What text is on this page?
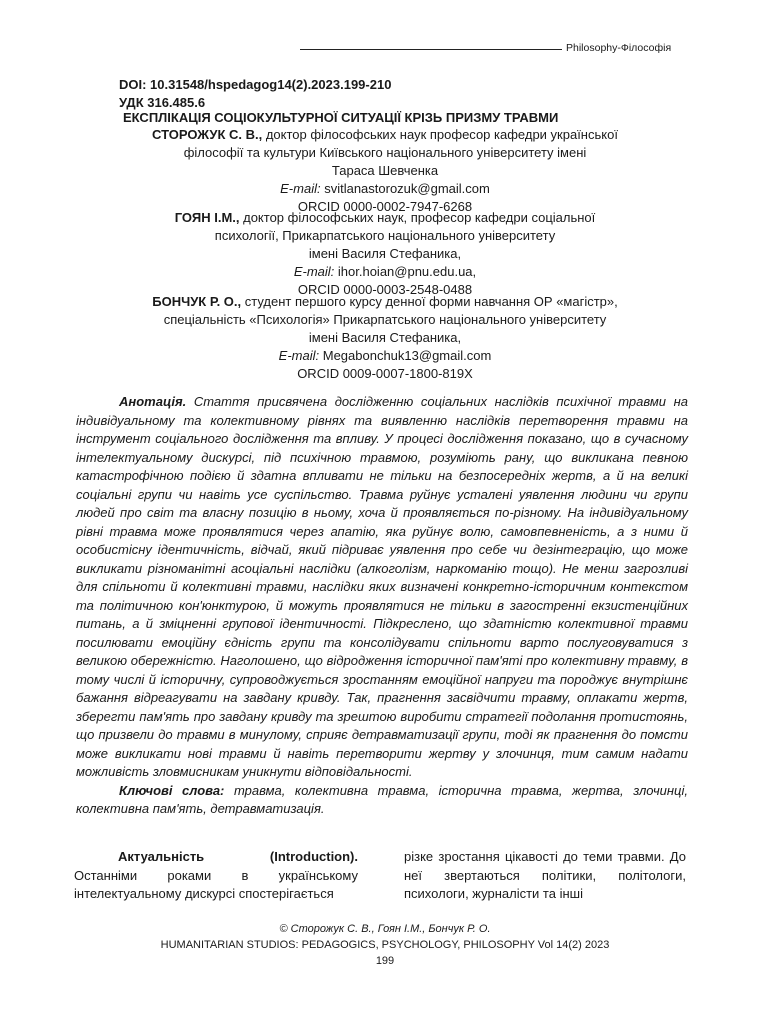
Philosophy-Філософія
DOI: 10.31548/hspedagog14(2).2023.199-210
УДК 316.485.6
ЕКСПЛІКАЦІЯ СОЦІОКУЛЬТУРНОЇ СИТУАЦІЇ КРІЗЬ ПРИЗМУ ТРАВМИ
СТОРОЖУК С. В., доктор філософських наук професор кафедри української
філософії та культури Київського національного університету імені
Тараса Шевченка
E-mail: svitlanastorozuk@gmail.com
ORCID 0000-0002-7947-6268
ГОЯН І.М., доктор філософських наук, професор кафедри соціальної
психології, Прикарпатського національного університету
імені Василя Стефаника,
E-mail: ihor.hoian@pnu.edu.ua,
ORCID 0000-0003-2548-0488
БОНЧУК Р. О., студент першого курсу денної форми навчання ОР «магістр»,
спеціальність «Психологія» Прикарпатського національного університету
імені Василя Стефаника,
E-mail: Megabonchuk13@gmail.com
ORCID 0009-0007-1800-819X

Анотація. Стаття присвячена дослідженню соціальних наслідків психічної травми на індивідуальному та колективному рівнях та виявленню наслідків перетворення травми на інструмент соціального дослідження та впливу. У процесі дослідження показано, що в сучасному інтелектуальному дискурсі, під психічною травмою, розуміють рану, що викликана певною катастрофічною подією й здатна впливати не тільки на безпосередніх жертв, а й на великі соціальні групи чи навіть усе суспільство. Травма руйнує усталені уявлення людини чи групи людей про світ та власну позицію в ньому, хоча й проявляється по-різному. На індивідуальному рівні травма може проявлятися через апатію, яка руйнує волю, самовпевненість, а з ними й особистісну ідентичність, відчай, який підриває уявлення про себе чи дезінтеграцію, що може викликати різноманітні асоціальні наслідки (алкоголізм, наркоманію тощо). Не менш загрозливі для спільноти й колективні травми, наслідки яких визначені конкретно-історичним контекстом та політичною кон'юнктурою, й можуть проявлятися не тільки в загостренні екзистенційних питань, а й зміцненні групової ідентичності. Підкреслено, що здатністю колективної травми посилювати емоційну єдність групи та консолідувати спільноти варто послуговуватися з великою обережністю. Наголошено, що відродження історичної пам'яті про колективну травму, в тому числі й історичну, супроводжується зростанням емоційної напруги та породжує внутрішнє бажання відреагувати на завдану кривду. Так, прагнення засвідчити травму, оплакати жертв, зберегти пам'ять про завдану кривду та зрештою виробити стратегії подолання протистоянь, що призвели до травми в минулому, сприяє детравматизації групи, тоді як прагнення до помсти може викликати нові травми й навіть перетворити жертву у злочинця, тим самим надати можливість зловмисникам уникнути відповідальності.

Ключові слова: травма, колективна травма, історична травма, жертва, злочинці, колективна пам'ять, детравматизація.

Актуальність (Introduction).

Останніми роками в українському інтелектуальному дискурсі спостерігається

різке зростання цікавості до теми травми. До неї звертаються політики, політологи, психологи, журналісти та інші

© Сторожук С. В., Гоян І.М., Бончук Р. О.
HUMANITARIAN STUDIOS: PEDAGOGICS, PSYCHOLOGY, PHILOSOPHY Vol 14(2) 2023
199
